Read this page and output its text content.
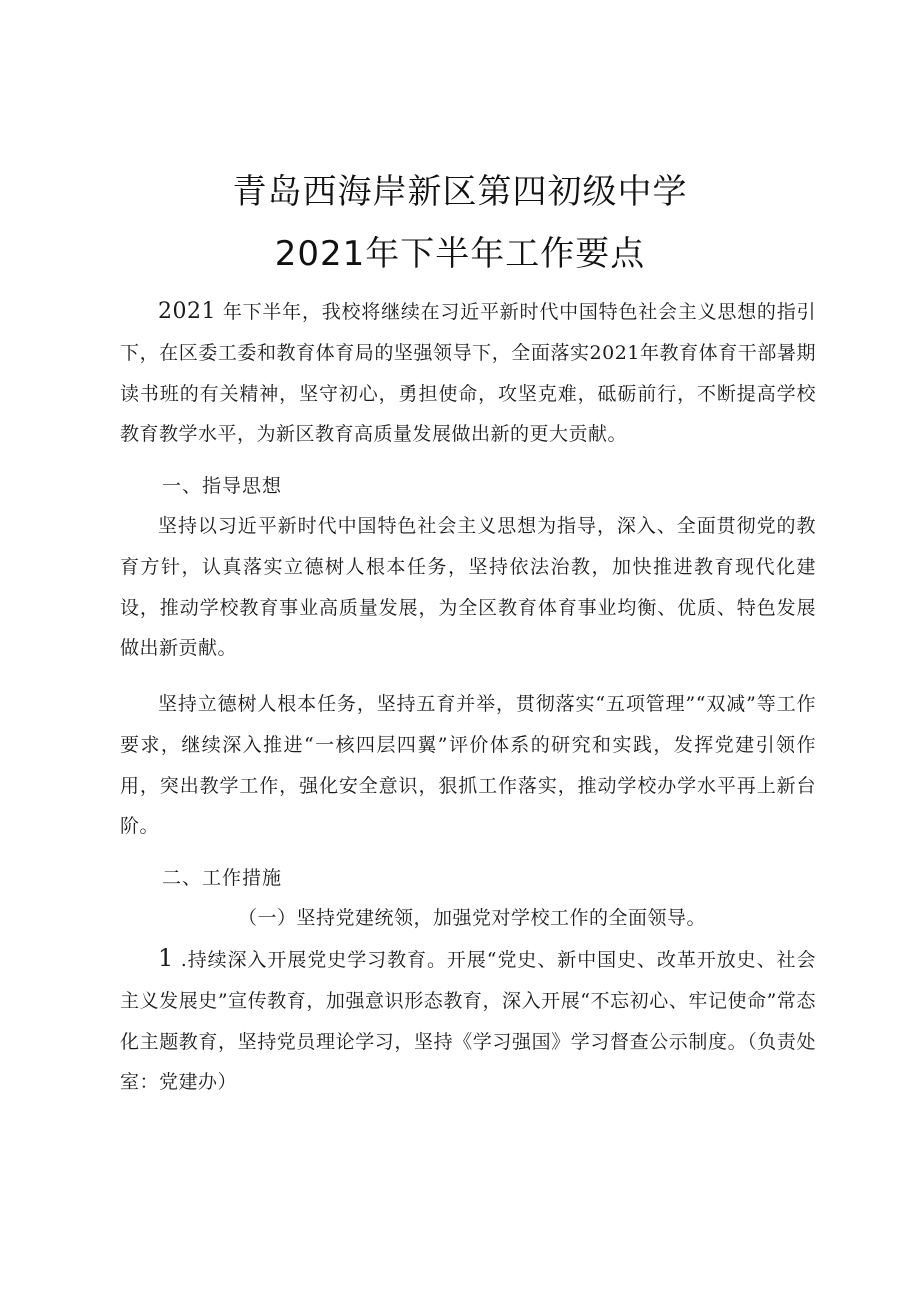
青岛西海岸新区第四初级中学
2021年下半年工作要点
2021 年下半年，我校将继续在习近平新时代中国特色社会主义思想的指引下，在区委工委和教育体育局的坚强领导下，全面落实2021年教育体育干部暑期读书班的有关精神，坚守初心，勇担使命，攻坚克难，砥砺前行，不断提高学校教育教学水平，为新区教育高质量发展做出新的更大贡献。
一、指导思想
坚持以习近平新时代中国特色社会主义思想为指导，深入、全面贯彻党的教育方针，认真落实立德树人根本任务，坚持依法治教，加快推进教育现代化建设，推动学校教育事业高质量发展，为全区教育体育事业均衡、优质、特色发展做出新贡献。
坚持立德树人根本任务，坚持五育并举，贯彻落实“五项管理”“双减”等工作要求，继续深入推进“一核四层四翼”评价体系的研究和实践，发挥党建引领作用，突出教学工作，强化安全意识，狠抓工作落实，推动学校办学水平再上新台阶。
二、工作措施
（一）坚持党建统领，加强党对学校工作的全面领导。
1 .持续深入开展党史学习教育。开展“党史、新中国史、改革开放史、社会主义发展史”宣传教育，加强意识形态教育，深入开展“不忘初心、牢记使命”常态化主题教育，坚持党员理论学习，坚持《学习强国》学习督查公示制度。（负责处室：党建办）
